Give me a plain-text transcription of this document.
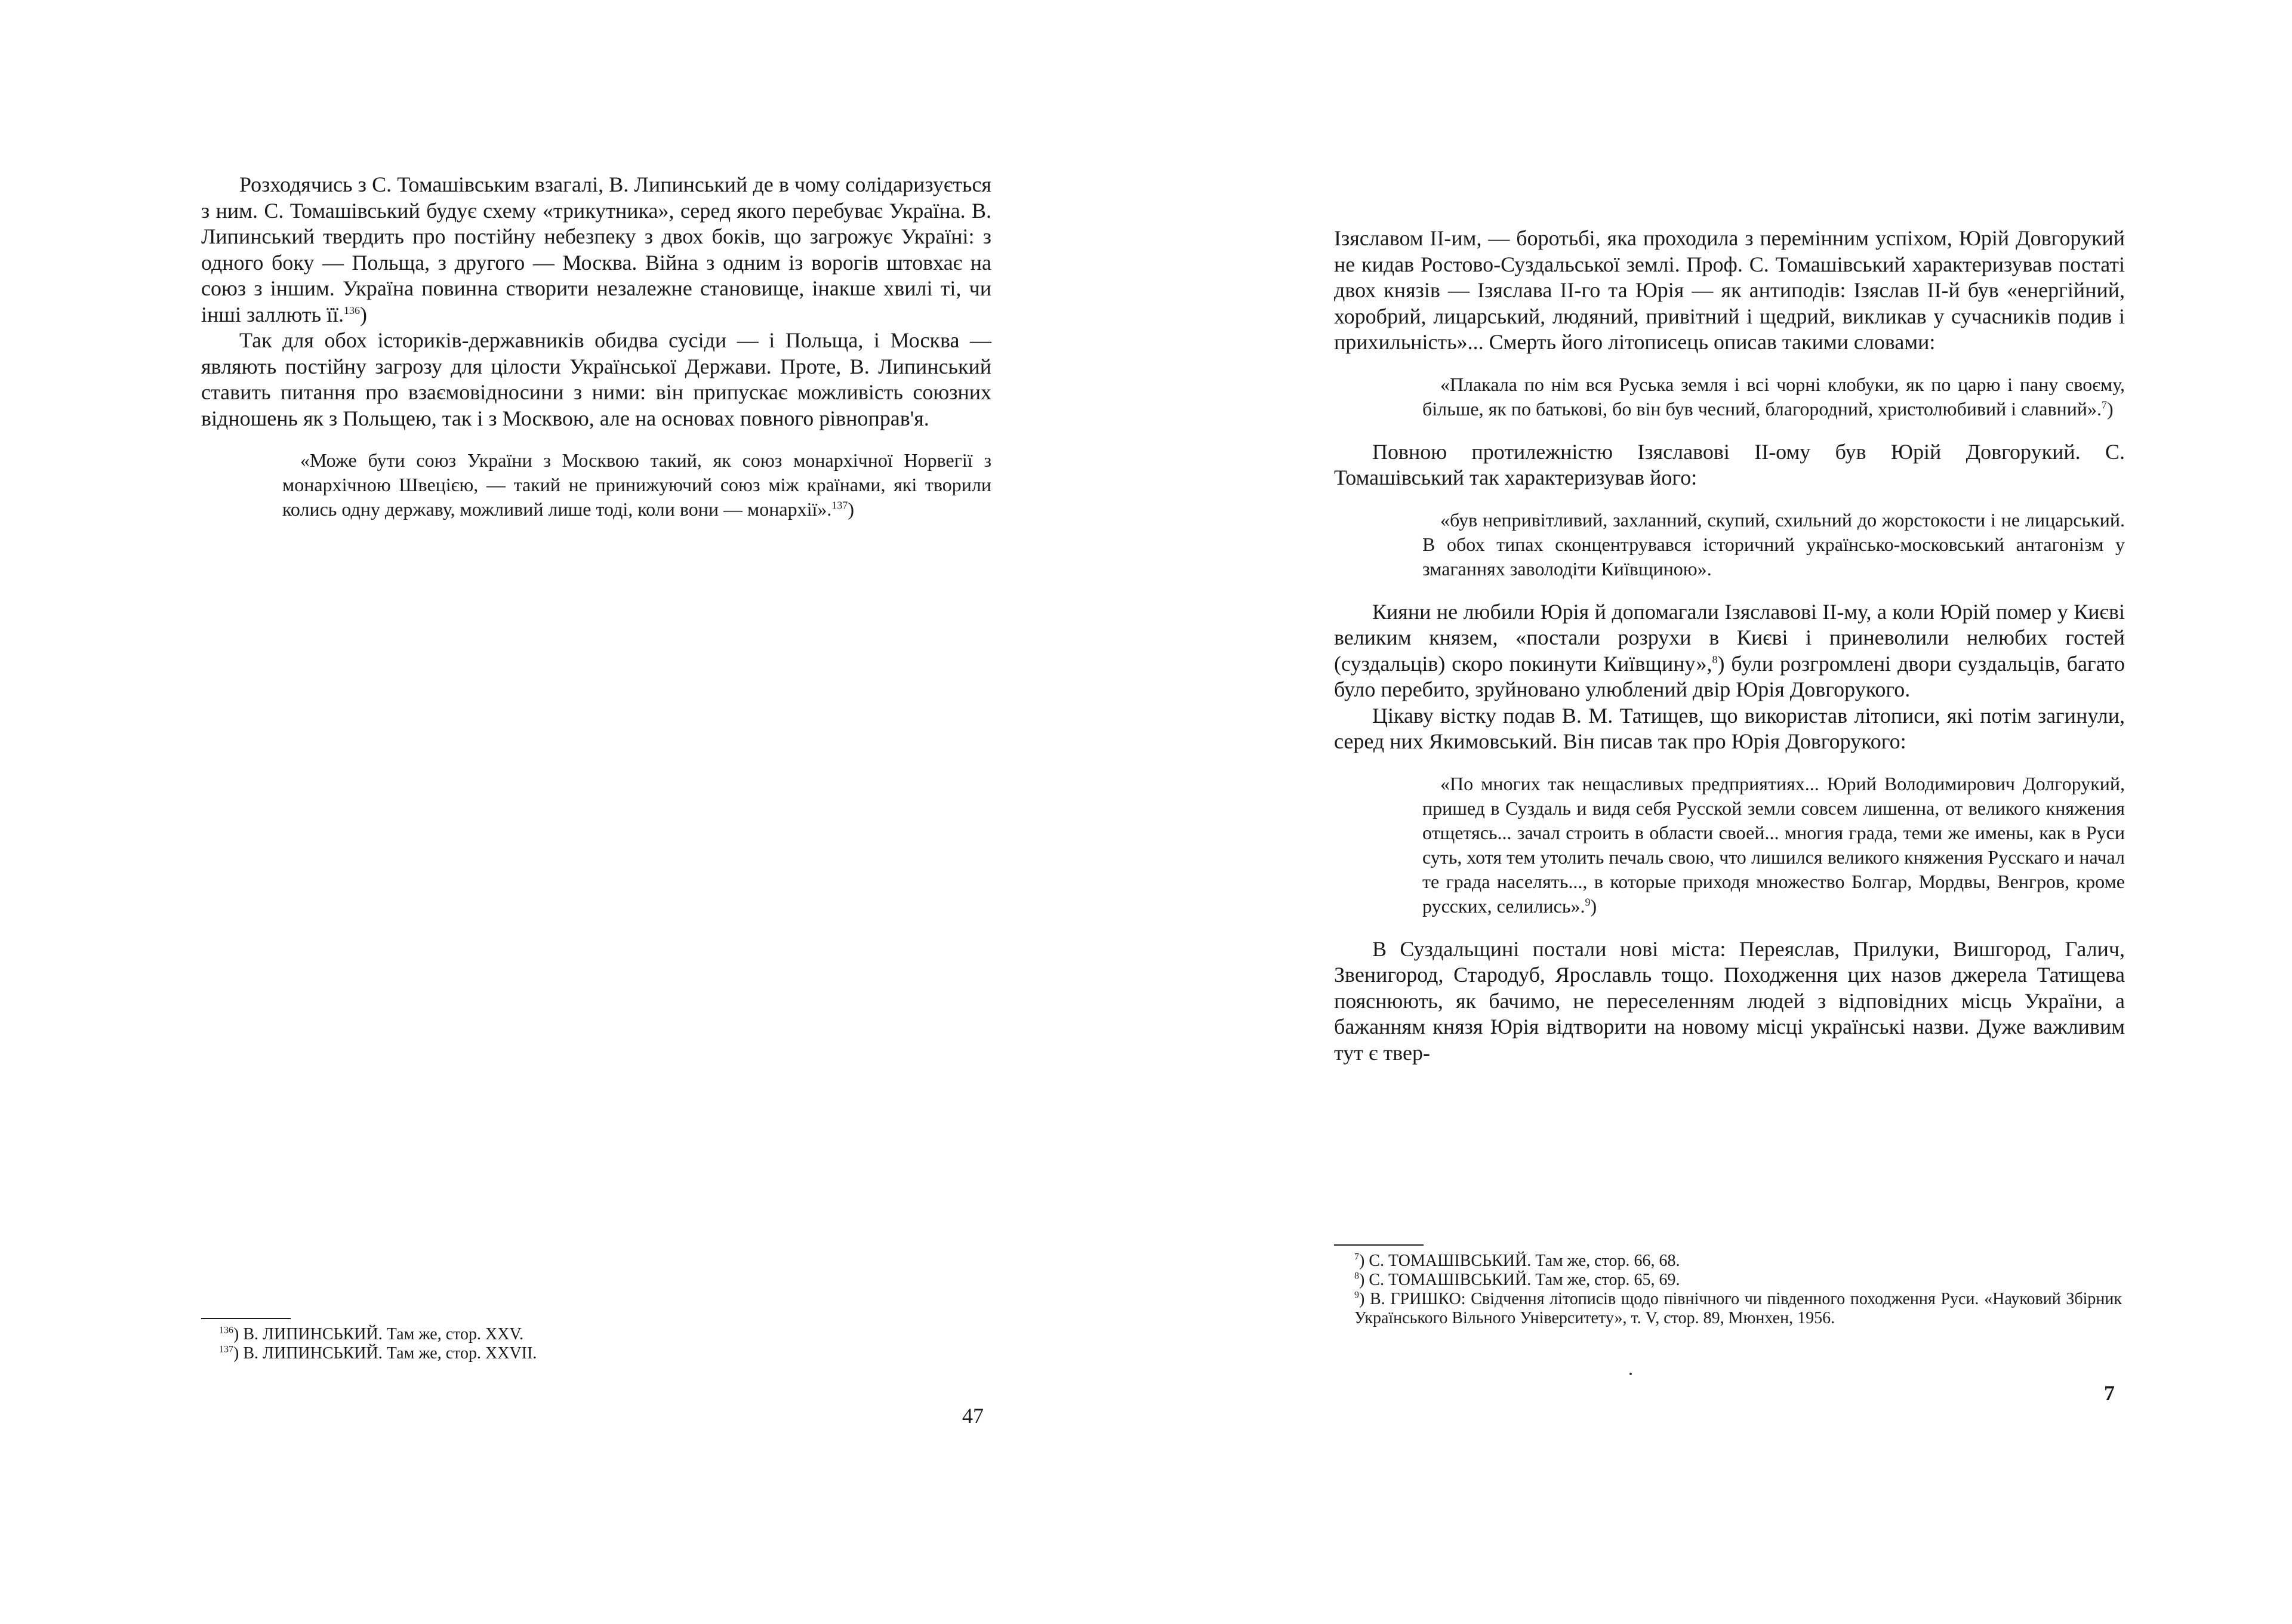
Розходячись з С. Томашівським взагалі, В. Липинський де в чому солідаризується з ним. С. Томашівський будує схему «трикутника», серед якого перебуває Україна. В. Липинський твердить про постійну небезпеку з двох боків, що загрожує Україні: з одного боку — Польща, з другого — Москва. Війна з одним із ворогів штовхає на союз з іншим. Україна повинна створити незалежне становище, інакше хвилі ті, чи інші заллють її.$^{136}$)

Так для обох істориків-державників обидва сусіди — і Польща, і Москва — являють постійну загрозу для цілости Української Держави. Проте, В. Липинський ставить питання про взаємовідносини з ними: він припускає можливість союзних відношень як з Польщею, так і з Москвою, але на основах повного рівноправ'я.

«Може бути союз України з Москвою такий, як союз монархічної Норвегії з монархічною Швецією, — такий не принижуючий союз між країнами, які творили колись одну державу, можливий лише тоді, коли вони — монархії».$^{137}$)

$^{136}$) В. ЛИПИНСЬКИЙ. Там же, стор. XXV.

$^{137}$) В. ЛИПИНСЬКИЙ. Там же, стор. XXVII.

47

Ізяславом II-им, — боротьбі, яка проходила з перемінним успіхом, Юрій Довгорукий не кидав Ростово-Суздальської землі. Проф. С. Томашівський характеризував постаті двох князів — Ізяслава II-го та Юрія — як антиподів: Ізяслав II-й був «енергійний, хоробрий, лицарський, людяний, привітний і щедрий, викликав у сучасників подив і прихильність»... Смерть його літописець описав такими словами:

«Плакала по нім вся Руська земля і всі чорні клобуки, як по царю і пану своєму, більше, як по батькові, бо він був чесний, благородний, христолюбивий і славний».$^7$)

Повною протилежністю Ізяславові II-ому був Юрій Довгорукий. С. Томашівський так характеризував його:

«був непривітливий, захланний, скупий, схильний до жорстокости і не лицарський. В обох типах сконцентрувався історичний українсько-московський антагонізм у змаганнях заволодіти Київщиною».

Кияни не любили Юрія й допомагали Ізяславові II-му, а коли Юрій помер у Києві великим князем, «постали розрухи в Києві і приневолили нелюбих гостей (суздальців) скоро покинути Київщину»,$^8$) були розгромлені двори суздальців, багато було перебито, зруйновано улюблений двір Юрія Довгорукого.

Цікаву вістку подав В. М. Татищев, що використав літописи, які потім загинули, серед них Якимовський. Він писав так про Юрія Довгорукого:

«По многих так нещасливых предприятиях... Юрий Володимирович Долгорукий, пришед в Суздаль и видя себя Русской земли совсем лишенна, от великого княжения отщетясь... зачал строить в области своей... многия града, теми же имены, как в Руси суть, хотя тем утолить печаль свою, что лишился великого княжения Русскаго и начал те града населять..., в которые приходя множество Болгар, Мордвы, Венгров, кроме русских, селились».$^9$)

В Суздальщині постали нові міста: Переяслав, Прилуки, Вишгород, Галич, Звенигород, Стародуб, Ярославль тощо. Походження цих назов джерела Татищева пояснюють, як бачимо, не переселенням людей з відповідних місць України, а бажанням князя Юрія відтворити на новому місці українські назви. Дуже важливим тут є твер-

$^7$) С. ТОМАШІВСЬКИЙ. Там же, стор. 66, 68.

$^8$) С. ТОМАШІВСЬКИЙ. Там же, стор. 65, 69.

$^9$) В. ГРИШКО: Свідчення літописів щодо північного чи південного походження Руси. «Науковий Збірник Українського Вільного Університету», т. V, стор. 89, Мюнхен, 1956.

7
